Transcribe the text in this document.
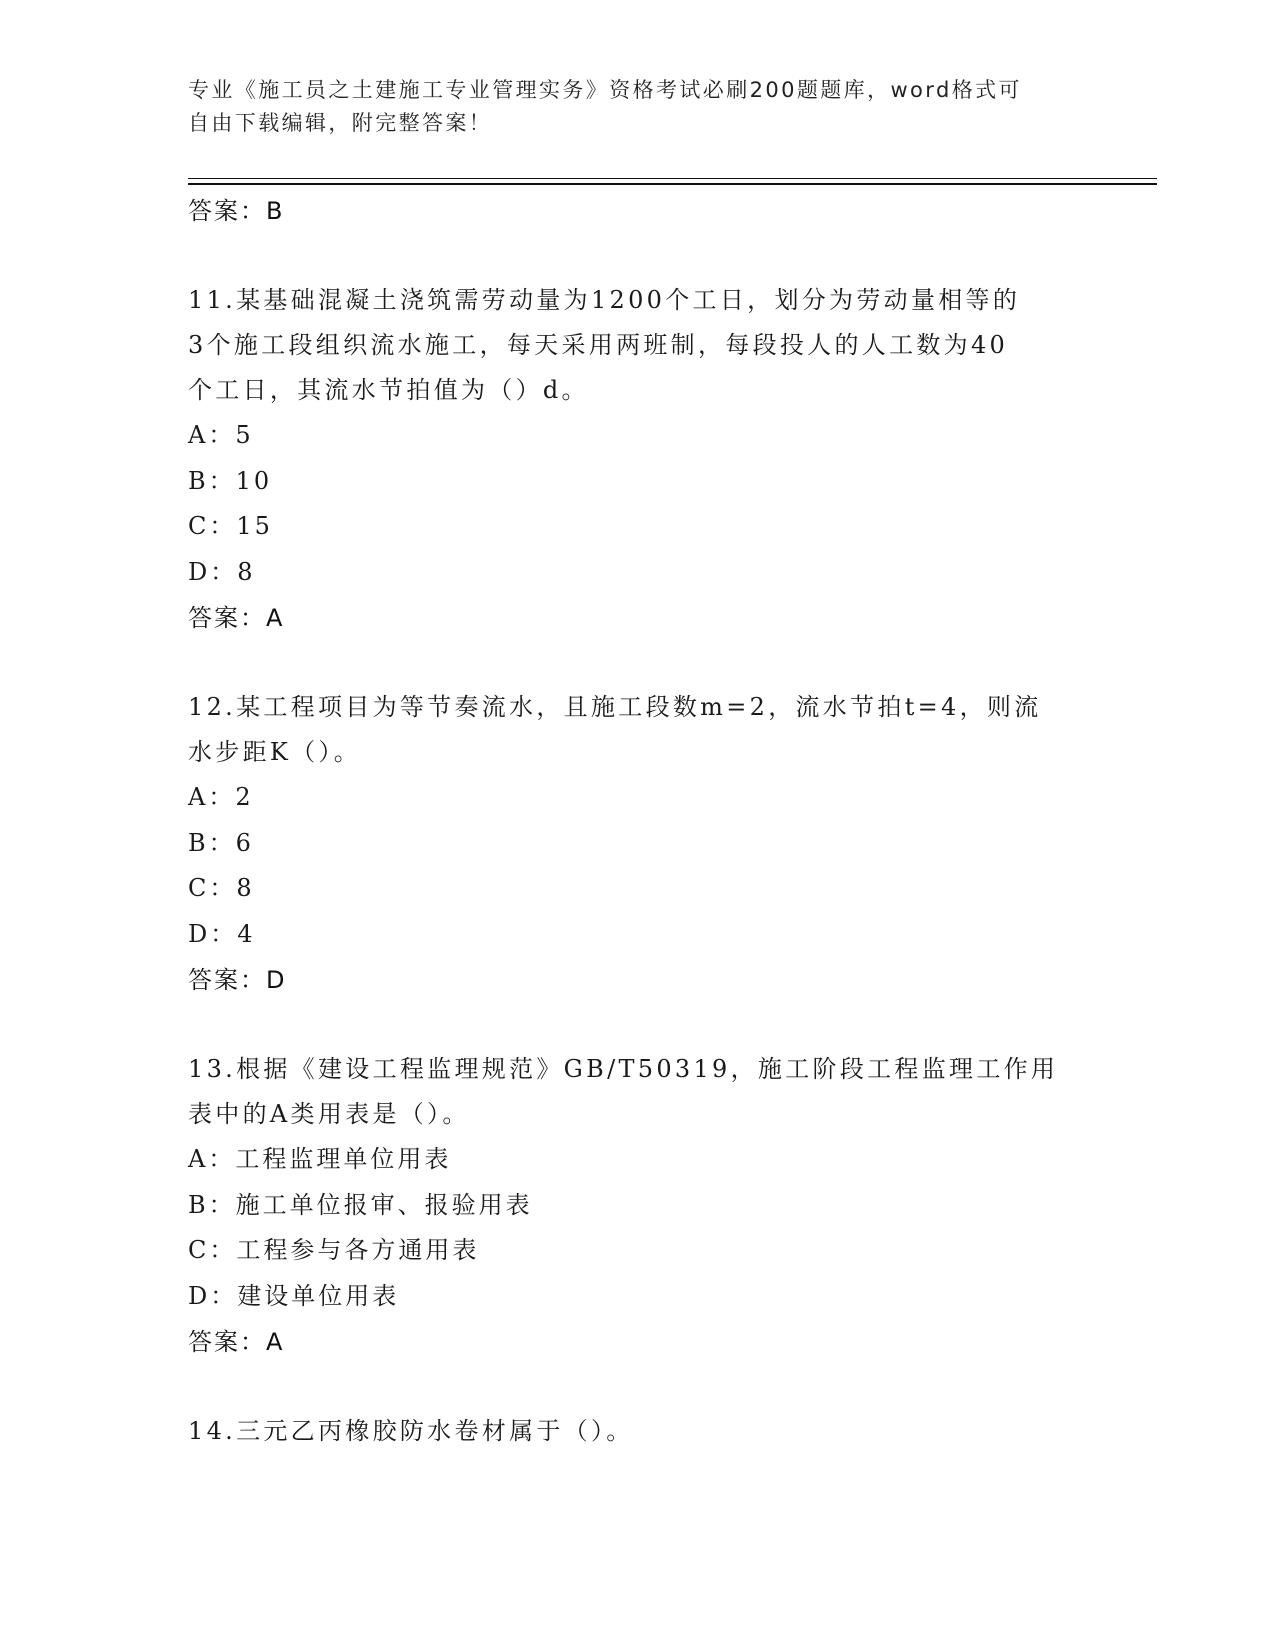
专业《施工员之土建施工专业管理实务》资格考试必刷200题题库，word格式可
自由下载编辑，附完整答案！

答案：B

11.某基础混凝土浇筑需劳动量为1200个工日，划分为劳动量相等的

3个施工段组织流水施工，每天采用两班制，每段投人的人工数为40

个工日，其流水节拍值为（）d。

A：5

B：10

C：15

D：8

答案：A

12.某工程项目为等节奏流水，且施工段数m=2，流水节拍t=4，则流

水步距K（）。

A：2

B：6

C：8

D：4

答案：D

13.根据《建设工程监理规范》GB/T50319，施工阶段工程监理工作用

表中的A类用表是（）。

A：工程监理单位用表

B：施工单位报审、报验用表

C：工程参与各方通用表

D：建设单位用表

答案：A

14.三元乙丙橡胶防水卷材属于（）。
